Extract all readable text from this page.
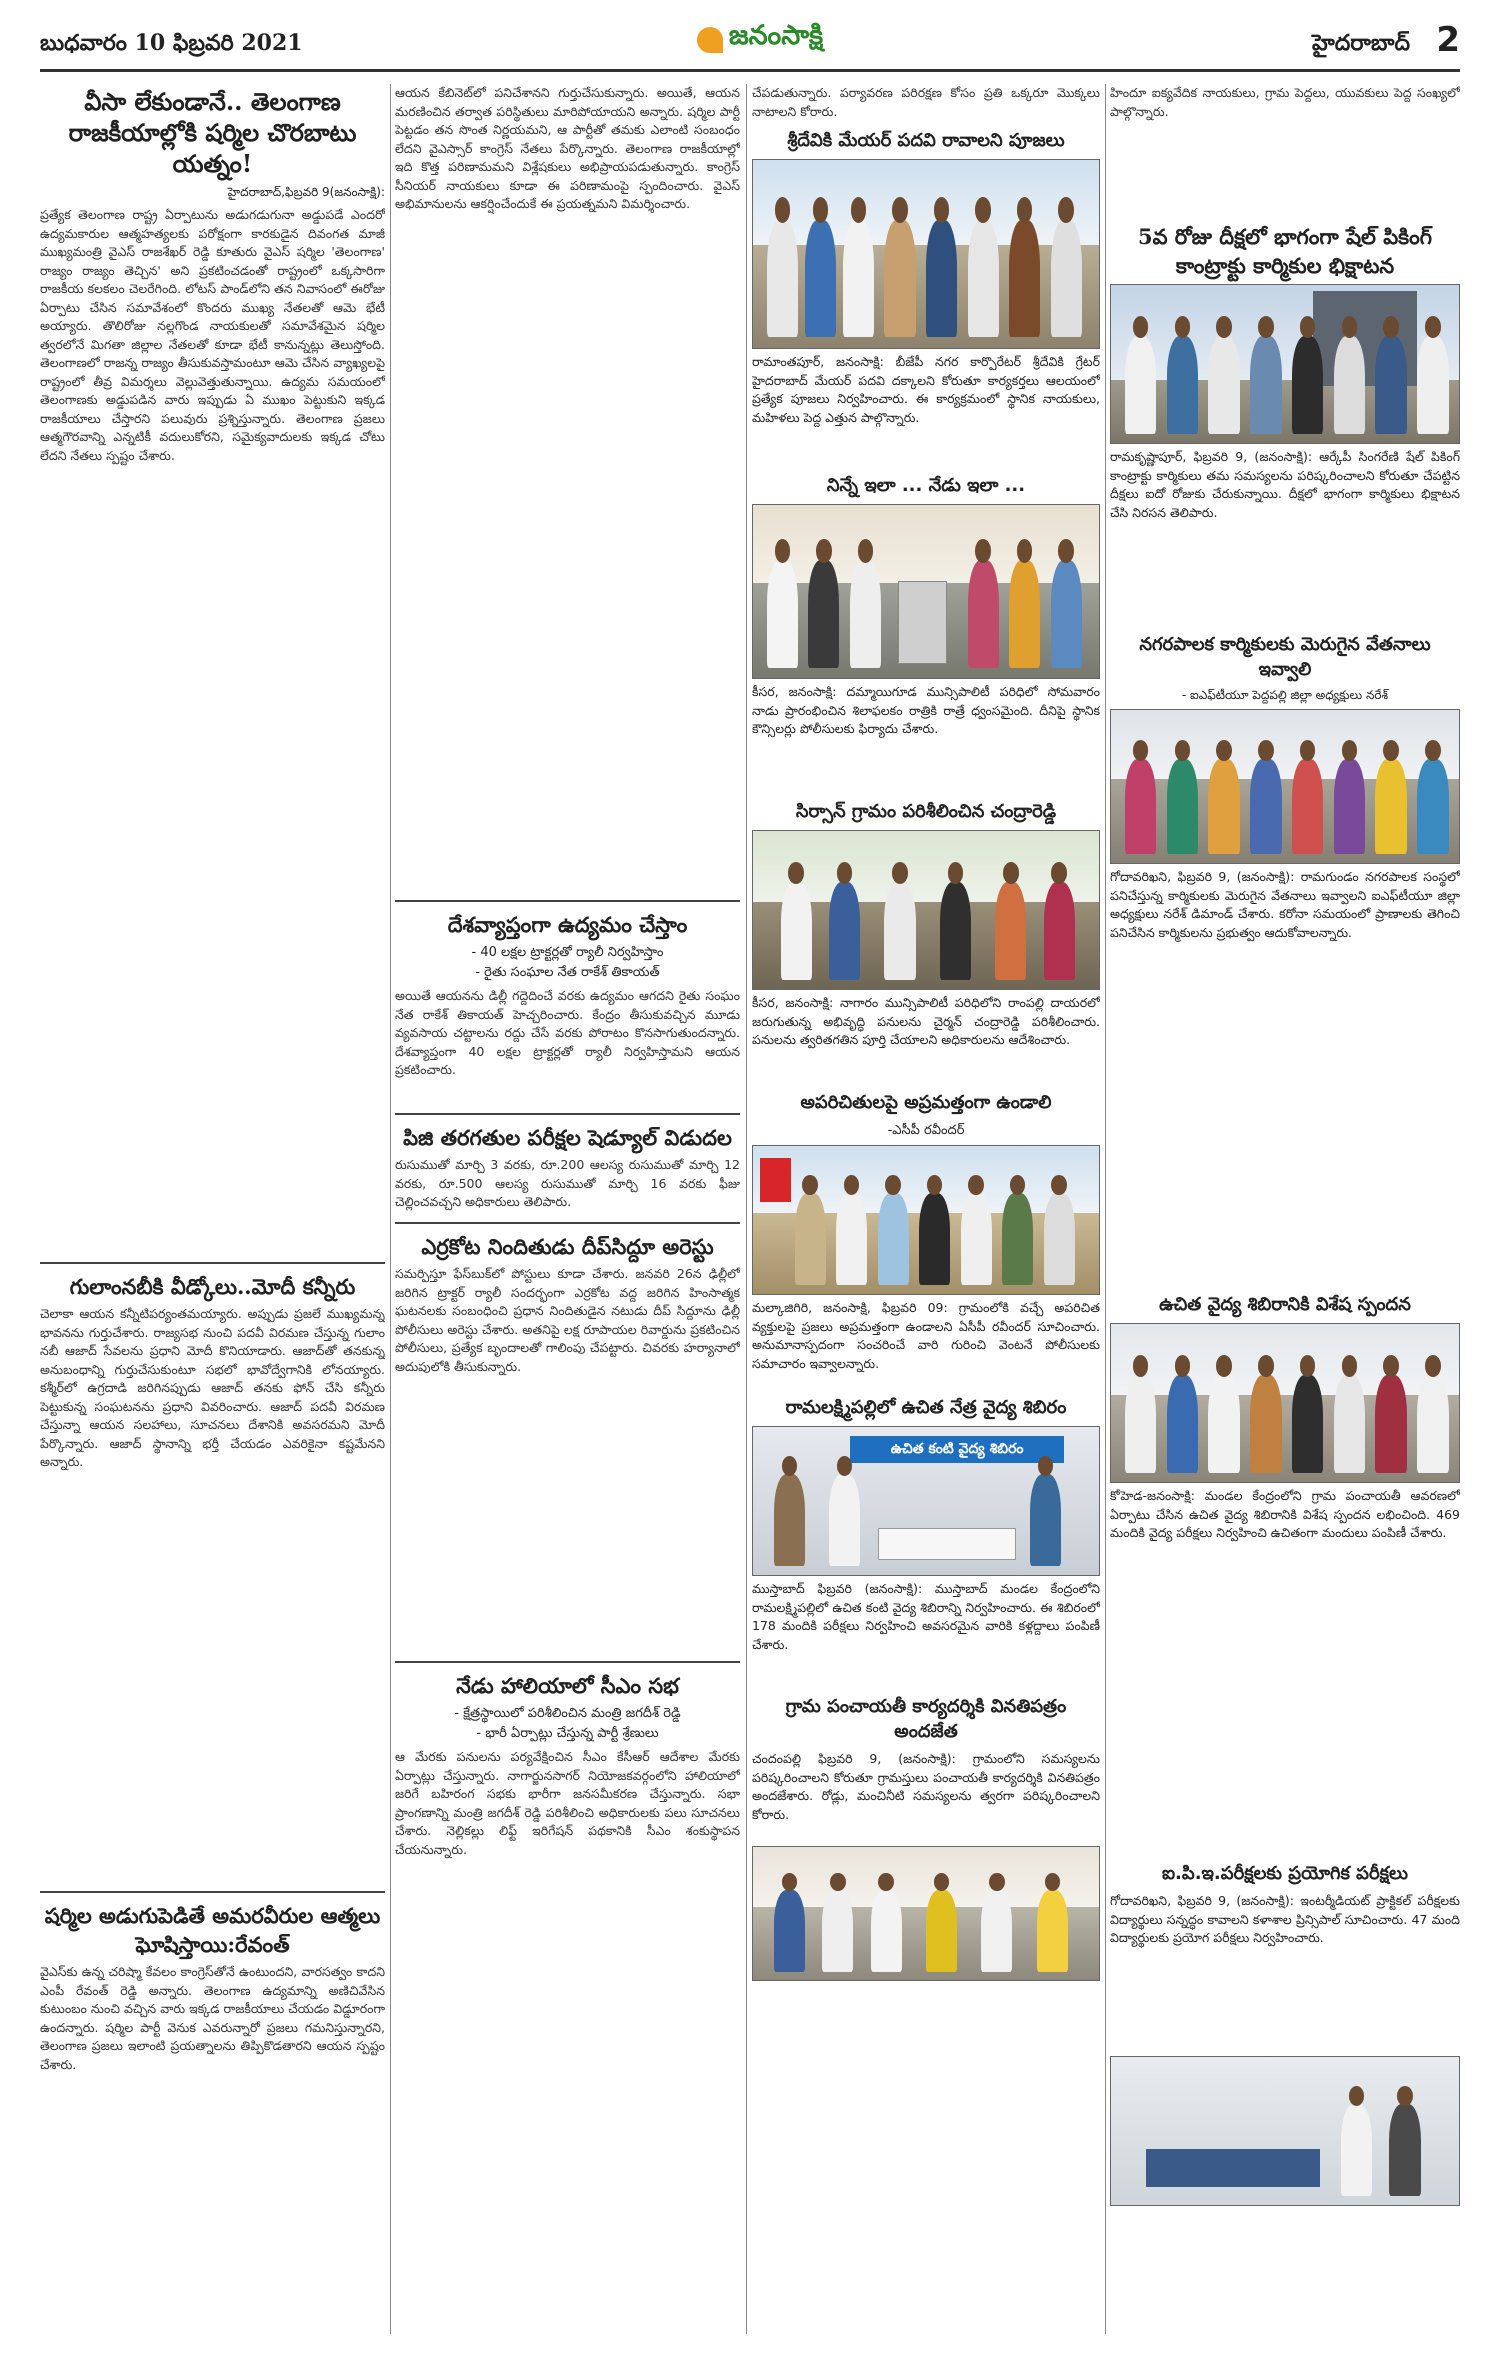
బుధవారం 10 ఫిబ్రవరి 2021	జనంసాక్షి	హైదరాబాద్ 2
వీసా లేకుండానే.. తెలంగాణ రాజకీయాల్లోకి షర్మిల చొరబాటు యత్నం!
హైదరాబాద్‌,ఫిబ్రవరి 9(జనంసాక్షి):
ప్రత్యేక తెలంగాణ రాష్ట్ర ఏర్పాటును అడుగడుగునా అడ్డుపడే ఎందరో ఉద్యమకారుల ఆత్మహత్యలకు పరోక్షంగా కారకుడైన దివంగత మాజీ ముఖ్యమంత్రి వైఎస్‌ రాజశేఖర్‌ రెడ్డి కూతురు వైఎస్‌ షర్మిల 'తెలంగాణ' రాజ్యం రాజ్యం తెచ్చిన' అని ప్రకటించడంతో రాష్ట్రంలో ఒక్కసారిగా రాజకీయ కలకలం చెలరేగింది. లోటస్‌ పాండ్‌లోని తన నివాసంలో ఈరోజు ఏర్పాటు చేసిన సమావేశంలో కొందరు ముఖ్య నేతలతో ఆమె భేటీ అయ్యారు. తొలిరోజు నల్లగొండ నాయకులతో సమావేశమైన షర్మిల త్వరలోనే మిగతా జిల్లాల నేతలతో కూడా భేటీ కానున్నట్లు తెలుస్తోంది. తెలంగాణలో రాజన్న రాజ్యం తీసుకువస్తామంటూ ఆమె చేసిన వ్యాఖ్యలపై రాష్ట్రంలో తీవ్ర విమర్శలు వెల్లువెత్తుతున్నాయి. ఉద్యమ సమయంలో తెలంగాణకు అడ్డుపడిన వారు ఇప్పుడు ఏ ముఖం పెట్టుకుని ఇక్కడ రాజకీయాలు చేస్తారని పలువురు ప్రశ్నిస్తున్నారు. తెలంగాణ ప్రజలు ఆత్మగౌరవాన్ని ఎన్నటికీ వదులుకోరని, సమైక్యవాదులకు ఇక్కడ చోటు లేదని నేతలు స్పష్టం చేశారు.
గులాంనబీకి వీడ్కోలు..మోదీ కన్నీరు
చెలాకా ఆయన కన్నీటిపర్యంతమయ్యారు. అప్పుడు ప్రజలే ముఖ్యమన్న భావనను గుర్తుచేశారు. రాజ్యసభ నుంచి పదవీ విరమణ చేస్తున్న గులాం నబీ ఆజాద్‌ సేవలను ప్రధాని మోదీ కొనియాడారు. ఆజాద్‌తో తనకున్న అనుబంధాన్ని గుర్తుచేసుకుంటూ సభలో భావోద్వేగానికి లోనయ్యారు. కశ్మీర్‌లో ఉగ్రదాడి జరిగినప్పుడు ఆజాద్‌ తనకు ఫోన్‌ చేసి కన్నీరు పెట్టుకున్న సంఘటనను ప్రధాని వివరించారు. ఆజాద్‌ పదవీ విరమణ చేస్తున్నా ఆయన సలహాలు, సూచనలు దేశానికి అవసరమని మోదీ పేర్కొన్నారు. ఆజాద్‌ స్థానాన్ని భర్తీ చేయడం ఎవరికైనా కష్టమేనని అన్నారు.
షర్మిల అడుగుపెడితే అమరవీరుల ఆత్మలు ఘోషిస్తాయి:రేవంత్
వైఎస్‌కు ఉన్న చరిష్మా కేవలం కాంగ్రెస్‌తోనే ఉంటుందని, వారసత్వం కాదని ఎంపీ రేవంత్‌ రెడ్డి అన్నారు. తెలంగాణ ఉద్యమాన్ని అణిచివేసిన కుటుంబం నుంచి వచ్చిన వారు ఇక్కడ రాజకీయాలు చేయడం విడ్డూరంగా ఉందన్నారు. షర్మిల పార్టీ వెనుక ఎవరున్నారో ప్రజలు గమనిస్తున్నారని, తెలంగాణ ప్రజలు ఇలాంటి ప్రయత్నాలను తిప్పికొడతారని ఆయన స్పష్టం చేశారు.
ఆయన కేబినెట్‌లో పనిచేశానని గుర్తుచేసుకున్నారు. అయితే, ఆయన మరణించిన తర్వాత పరిస్థితులు మారిపోయాయని అన్నారు. షర్మిల పార్టీ పెట్టడం తన సొంత నిర్ణయమని, ఆ పార్టీతో తమకు ఎలాంటి సంబంధం లేదని వైఎస్సార్‌ కాంగ్రెస్‌ నేతలు పేర్కొన్నారు. తెలంగాణ రాజకీయాల్లో ఇది కొత్త పరిణామమని విశ్లేషకులు అభిప్రాయపడుతున్నారు. కాంగ్రెస్‌ సీనియర్‌ నాయకులు కూడా ఈ పరిణామంపై స్పందించారు. వైఎస్‌ అభిమానులను ఆకర్షించేందుకే ఈ ప్రయత్నమని విమర్శించారు.
దేశవ్యాప్తంగా ఉద్యమం చేస్తాం
- 40 లక్షల ట్రాక్టర్లతో ర్యాలీ నిర్వహిస్తాం
- రైతు సంఘాల నేత రాకేశ్ తికాయత్
అయితే ఆయనను డిల్లీ గద్దెదించే వరకు ఉద్యమం ఆగదని రైతు సంఘం నేత రాకేశ్‌ తికాయత్‌ హెచ్చరించారు. కేంద్రం తీసుకువచ్చిన మూడు వ్యవసాయ చట్టాలను రద్దు చేసే వరకు పోరాటం కొనసాగుతుందన్నారు. దేశవ్యాప్తంగా 40 లక్షల ట్రాక్టర్లతో ర్యాలీ నిర్వహిస్తామని ఆయన ప్రకటించారు.
పిజి తరగతుల పరీక్షల షెడ్యూల్ విడుదల
రుసుముతో మార్చి 3 వరకు, రూ.200 ఆలస్య రుసుముతో మార్చి 12 వరకు, రూ.500 ఆలస్య రుసుముతో మార్చి 16 వరకు ఫీజు చెల్లించవచ్చని అధికారులు తెలిపారు.
ఎర్రకోట నిందితుడు దీప్‌సిద్దూ అరెస్టు
సమర్పిస్తూ ఫేస్‌బుక్‌లో పోస్టులు కూడా చేశారు. జనవరి 26న ఢిల్లీలో జరిగిన ట్రాక్టర్‌ ర్యాలీ సందర్భంగా ఎర్రకోట వద్ద జరిగిన హింసాత్మక ఘటనలకు సంబంధించి ప్రధాన నిందితుడైన నటుడు దీప్‌ సిద్దూను ఢిల్లీ పోలీసులు అరెస్టు చేశారు. అతనిపై లక్ష రూపాయల రివార్డును ప్రకటించిన పోలీసులు, ప్రత్యేక బృందాలతో గాలింపు చేపట్టారు. చివరకు హర్యానాలో అదుపులోకి తీసుకున్నారు.
నేడు హాలియాలో సీఎం సభ
- క్షేత్రస్థాయిలో పరిశీలించిన మంత్రి జగదీశ్ రెడ్డి
- భారీ ఏర్పాట్లు చేస్తున్న పార్టీ శ్రేణులు
ఆ మేరకు పనులను పర్యవేక్షించిన సీఎం కేసీఆర్‌ ఆదేశాల మేరకు ఏర్పాట్లు చేస్తున్నారు. నాగార్జునసాగర్‌ నియోజకవర్గంలోని హాలియాలో జరిగే బహిరంగ సభకు భారీగా జనసమీకరణ చేస్తున్నారు. సభా ప్రాంగణాన్ని మంత్రి జగదీశ్‌ రెడ్డి పరిశీలించి అధికారులకు పలు సూచనలు చేశారు. నెల్లికల్లు లిఫ్ట్‌ ఇరిగేషన్‌ పథకానికి సీఎం శంకుస్థాపన చేయనున్నారు.
చేపడుతున్నారు. పర్యావరణ పరిరక్షణ కోసం ప్రతి ఒక్కరూ మొక్కలు నాటాలని కోరారు.
శ్రీదేవికి మేయర్ పదవి రావాలని పూజలు
రామాంతపూర్‌, జనంసాక్షి: బీజేపీ నగర కార్పొరేటర్‌ శ్రీదేవికి గ్రేటర్‌ హైదరాబాద్‌ మేయర్‌ పదవి దక్కాలని కోరుతూ కార్యకర్తలు ఆలయంలో ప్రత్యేక పూజలు నిర్వహించారు. ఈ కార్యక్రమంలో స్థానిక నాయకులు, మహిళలు పెద్ద ఎత్తున పాల్గొన్నారు.
నిన్నే ఇలా ... నేడు ఇలా ...
కీసర, జనంసాక్షి: దమ్మాయిగూడ మున్సిపాలిటీ పరిధిలో సోమవారం నాడు ప్రారంభించిన శిలాఫలకం రాత్రికి రాత్రే ధ్వంసమైంది. దీనిపై స్థానిక కౌన్సిలర్లు పోలీసులకు ఫిర్యాదు చేశారు.
సిర్సాన్ గ్రామం పరిశీలించిన చంద్రారెడ్డి
కీసర, జనంసాక్షి: నాగారం మున్సిపాలిటీ పరిధిలోని రాంపల్లి దాయరలో జరుగుతున్న అభివృద్ధి పనులను చైర్మన్‌ చంద్రారెడ్డి పరిశీలించారు. పనులను త్వరితగతిన పూర్తి చేయాలని అధికారులను ఆదేశించారు.
అపరిచితులపై అప్రమత్తంగా ఉండాలి
-ఎసీపీ రవీందర్
మల్కాజిగిరి, జనంసాక్షి, ఫిబ్రవరి 09: గ్రామంలోకి వచ్చే అపరిచిత వ్యక్తులపై ప్రజలు అప్రమత్తంగా ఉండాలని ఏసీపీ రవీందర్‌ సూచించారు. అనుమానాస్పదంగా సంచరించే వారి గురించి వెంటనే పోలీసులకు సమాచారం ఇవ్వాలన్నారు.
రామలక్ష్మిపల్లిలో ఉచిత నేత్ర వైద్య శిబిరం
ఉచిత కంటి వైద్య శిబిరం
ముస్తాబాద్‌ ఫిబ్రవరి (జనంసాక్షి): ముస్తాబాద్‌ మండల కేంద్రంలోని రామలక్ష్మిపల్లిలో ఉచిత కంటి వైద్య శిబిరాన్ని నిర్వహించారు. ఈ శిబిరంలో 178 మందికి పరీక్షలు నిర్వహించి అవసరమైన వారికి కళ్లద్దాలు పంపిణీ చేశారు.
గ్రామ పంచాయతీ కార్యదర్శికి వినతిపత్రం అందజేత
చందంపల్లి ఫిబ్రవరి 9, (జనంసాక్షి): గ్రామంలోని సమస్యలను పరిష్కరించాలని కోరుతూ గ్రామస్తులు పంచాయతీ కార్యదర్శికి వినతిపత్రం అందజేశారు. రోడ్లు, మంచినీటి సమస్యలను త్వరగా పరిష్కరించాలని కోరారు.
హిందూ ఐక్యవేదిక నాయకులు, గ్రామ పెద్దలు, యువకులు పెద్ద సంఖ్యలో పాల్గొన్నారు.
5వ రోజు దీక్షలో భాగంగా షేల్ పికింగ్ కాంట్రాక్టు కార్మికుల భిక్షాటన
రామకృష్ణాపూర్‌, ఫిబ్రవరి 9, (జనంసాక్షి): ఆర్కేపీ సింగరేణి షేల్‌ పికింగ్‌ కాంట్రాక్టు కార్మికులు తమ సమస్యలను పరిష్కరించాలని కోరుతూ చేపట్టిన దీక్షలు ఐదో రోజుకు చేరుకున్నాయి. దీక్షలో భాగంగా కార్మికులు భిక్షాటన చేసి నిరసన తెలిపారు.
నగరపాలక కార్మికులకు మెరుగైన వేతనాలు ఇవ్వాలి
- ఐఎఫ్‌టీయూ పెద్దపల్లి జిల్లా అధ్యక్షులు నరేశ్
గోదావరిఖని, ఫిబ్రవరి 9, (జనంసాక్షి): రామగుండం నగరపాలక సంస్థలో పనిచేస్తున్న కార్మికులకు మెరుగైన వేతనాలు ఇవ్వాలని ఐఎఫ్‌టీయూ జిల్లా అధ్యక్షులు నరేశ్‌ డిమాండ్‌ చేశారు. కరోనా సమయంలో ప్రాణాలకు తెగించి పనిచేసిన కార్మికులను ప్రభుత్వం ఆదుకోవాలన్నారు.
ఉచిత వైద్య శిబిరానికి విశేష స్పందన
కోహెడ-జనంసాక్షి: మండల కేంద్రంలోని గ్రామ పంచాయతీ ఆవరణలో ఏర్పాటు చేసిన ఉచిత వైద్య శిబిరానికి విశేష స్పందన లభించింది. 469 మందికి వైద్య పరీక్షలు నిర్వహించి ఉచితంగా మందులు పంపిణీ చేశారు.
ఐ.పి.ఇ.పరీక్షలకు ప్రయోగిక పరీక్షలు
గోదావరిఖని, ఫిబ్రవరి 9, (జనంసాక్షి): ఇంటర్మీడియట్‌ ప్రాక్టికల్‌ పరీక్షలకు విద్యార్థులు సన్నద్ధం కావాలని కళాశాల ప్రిన్సిపాల్‌ సూచించారు. 47 మంది విద్యార్థులకు ప్రయోగ పరీక్షలు నిర్వహించారు.
